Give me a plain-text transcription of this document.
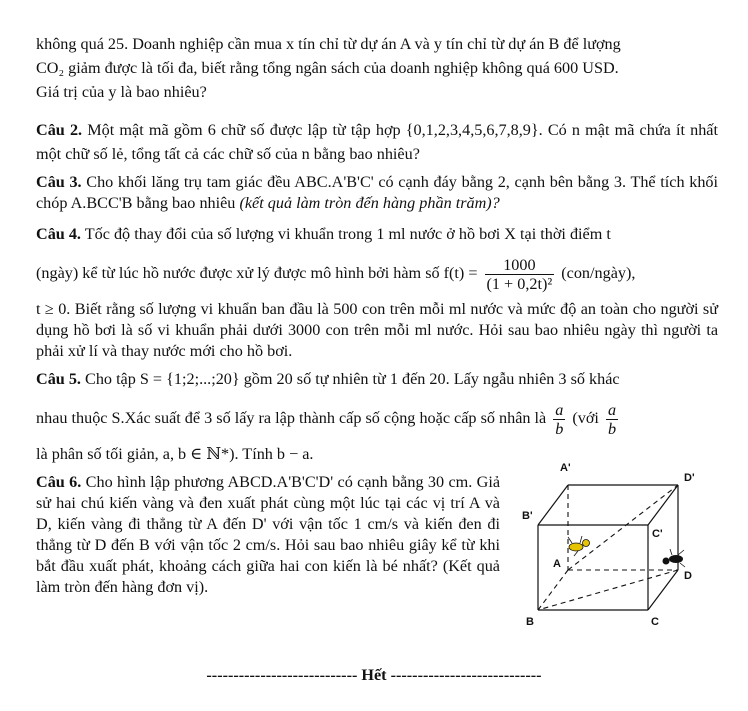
không quá 25. Doanh nghiệp cần mua x tín chỉ từ dự án A và y tín chỉ từ dự án B để lượng
CO₂ giảm được là tối đa, biết rằng tổng ngân sách của doanh nghiệp không quá 600 USD.
Giá trị của y là bao nhiêu?
Câu 2. Một mật mã gồm 6 chữ số được lập từ tập hợp {0,1,2,3,4,5,6,7,8,9}. Có n mật mã chứa ít nhất một chữ số lẻ, tổng tất cả các chữ số của n bằng bao nhiêu?
Câu 3. Cho khối lăng trụ tam giác đều ABC.A'B'C' có cạnh đáy bằng 2, cạnh bên bằng 3. Thể tích khối chóp A.BCC'B bằng bao nhiêu (kết quả làm tròn đến hàng phần trăm)?
Câu 4. Tốc độ thay đổi của số lượng vi khuẩn trong 1 ml nước ở hồ bơi X tại thời điểm t
(ngày) kể từ lúc hồ nước được xử lý được mô hình bởi hàm số $f(t) = \frac{1000}{\text{(1 + 0,2t)²}}$ (con/ngày),
t ≥ 0. Biết rằng số lượng vi khuẩn ban đầu là 500 con trên mỗi ml nước và mức độ an toàn cho người sử dụng hồ bơi là số vi khuẩn phải dưới 3000 con trên mỗi ml nước. Hỏi sau bao nhiêu ngày thì người ta phải xử lí và thay nước mới cho hồ bơi.
Câu 5. Cho tập S = {1;2;...;20} gồm 20 số tự nhiên từ 1 đến 20. Lấy ngẫu nhiên 3 số khác
nhau thuộc S.Xác suất để 3 số lấy ra lập thành cấp số cộng hoặc cấp số nhân là $\frac{a}{b}$ (với $\frac{a}{b}$
là phân số tối giản, a, b ∈ ℕ*). Tính b − a.
Câu 6. Cho hình lập phương ABCD.A'B'C'D' có cạnh bằng 30 cm. Giả sử hai chú kiến vàng và đen xuất phát cùng một lúc tại các vị trí A và D, kiến vàng đi thẳng từ A đến D' với vận tốc 1 cm/s và kiến đen đi thẳng từ D đến B với vận tốc 2 cm/s. Hỏi sau bao nhiêu giây kể từ khi bắt đầu xuất phát, khoảng cách giữa hai con kiến là bé nhất? (Kết quả làm tròn đến hàng đơn vị).
A'
D'
B'
C'
A
D
B	C
---------------------------- Hết ----------------------------
